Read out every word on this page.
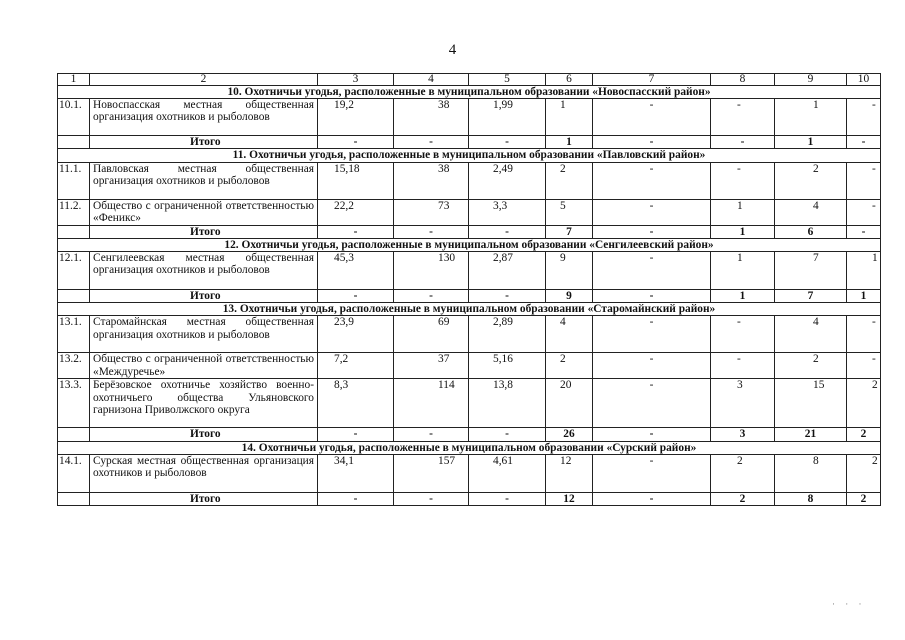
4
1	2	3	4	5	6	7	8	9	10
10. Охотничьи угодья, расположенные в муниципальном образовании «Новоспасский район»									
10.1.	Новоспасская местная общественная организация охотников и рыболовов	19,2	38	1,99	1	-	-	1	-

	Итого	-	-	-	1	-	-	1	-
11. Охотничьи угодья, расположенные в муниципальном образовании «Павловский район»									
11.1.	Павловская местная общественная организация охотников и рыболовов	15,18	38	2,49	2	-	-	2	-

11.2.	Общество с ограниченной ответственностью «Феникс»	22,2	73	3,3	5	-	1	4	-

	Итого	-	-	-	7	-	1	6	-
12. Охотничьи угодья, расположенные в муниципальном образовании «Сенгилеевский район»									
12.1.	Сенгилеевская местная общественная организация охотников и рыболовов	45,3	130	2,87	9	-	1	7	1

	Итого	-	-	-	9	-	1	7	1
13. Охотничьи угодья, расположенные в муниципальном образовании «Старомайнский район»									
13.1.	Старомайнская местная общественная организация охотников и рыболовов	23,9	69	2,89	4	-	-	4	-

13.2.	Общество с ограниченной ответственностью «Междуречье»	7,2	37	5,16	2	-	-	2	-

13.3.	Берёзовское охотничье хозяйство военно-охотничьего общества Ульяновского гарнизона Приволжского округа	8,3	114	13,8	20	-	3	15	2

	Итого	-	-	-	26	-	3	21	2
14. Охотничьи угодья, расположенные в муниципальном образовании «Сурский район»									
14.1.	Сурская местная общественная организация охотников и рыболовов	34,1	157	4,61	12	-	2	8	2

	Итого	-	-	-	12	-	2	8	2
· · ·
